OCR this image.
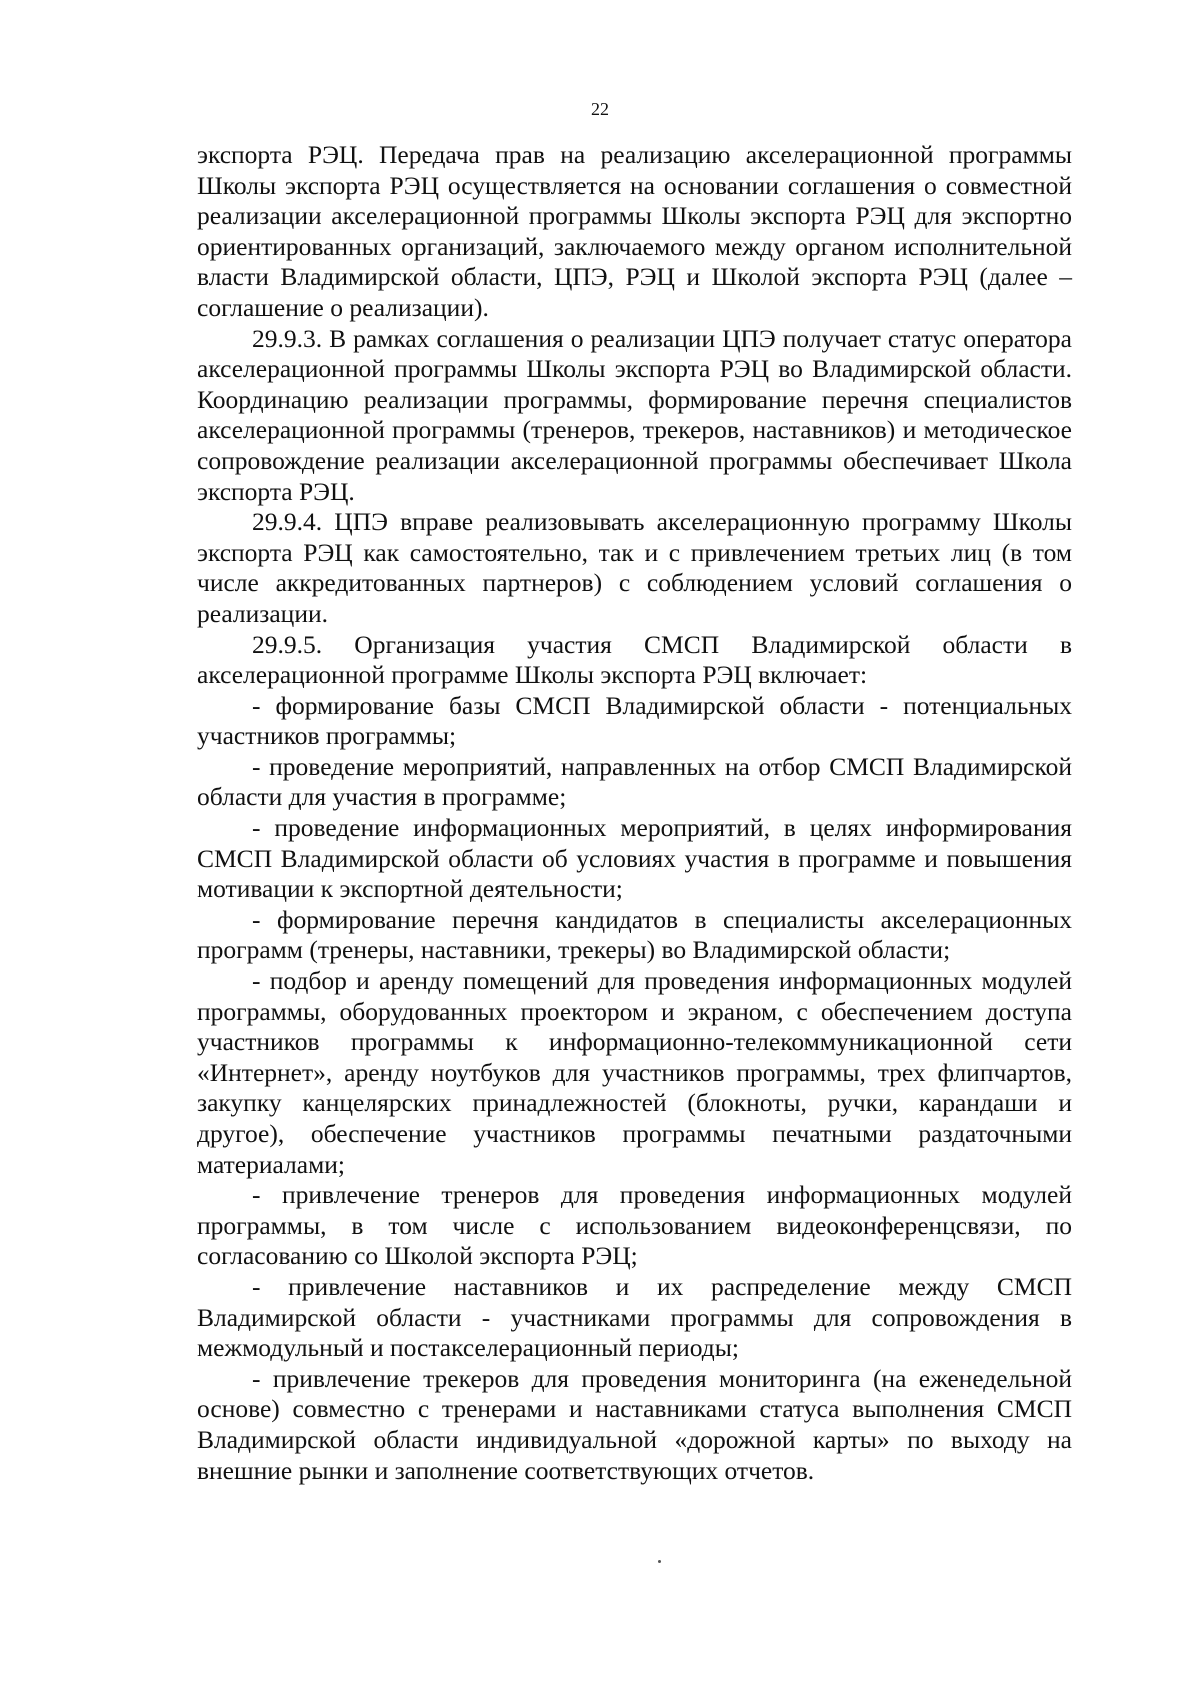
22

экспорта РЭЦ. Передача прав на реализацию акселерационной программы Школы экспорта РЭЦ осуществляется на основании соглашения о совместной реализации акселерационной программы Школы экспорта РЭЦ для экспортно ориентированных организаций, заключаемого между органом исполнительной власти Владимирской области, ЦПЭ, РЭЦ и Школой экспорта РЭЦ (далее – соглашение о реализации).

29.9.3. В рамках соглашения о реализации ЦПЭ получает статус оператора акселерационной программы Школы экспорта РЭЦ во Владимирской области. Координацию реализации программы, формирование перечня специалистов акселерационной программы (тренеров, трекеров, наставников) и методическое сопровождение реализации акселерационной программы обеспечивает Школа экспорта РЭЦ.

29.9.4. ЦПЭ вправе реализовывать акселерационную программу Школы экспорта РЭЦ как самостоятельно, так и с привлечением третьих лиц (в том числе аккредитованных партнеров) с соблюдением условий соглашения о реализации.

29.9.5. Организация участия СМСП Владимирской области в акселерационной программе Школы экспорта РЭЦ включает:

- формирование базы СМСП Владимирской области - потенциальных участников программы;

- проведение мероприятий, направленных на отбор СМСП Владимирской области для участия в программе;

- проведение информационных мероприятий, в целях информирования СМСП Владимирской области об условиях участия в программе и повышения мотивации к экспортной деятельности;

- формирование перечня кандидатов в специалисты акселерационных программ (тренеры, наставники, трекеры) во Владимирской области;

- подбор и аренду помещений для проведения информационных модулей программы, оборудованных проектором и экраном, с обеспечением доступа участников программы к информационно-телекоммуникационной сети «Интернет», аренду ноутбуков для участников программы, трех флипчартов, закупку канцелярских принадлежностей (блокноты, ручки, карандаши и другое), обеспечение участников программы печатными раздаточными материалами;

- привлечение тренеров для проведения информационных модулей программы, в том числе с использованием видеоконференцсвязи, по согласованию со Школой экспорта РЭЦ;

- привлечение наставников и их распределение между СМСП Владимирской области - участниками программы для сопровождения в межмодульный и постакселерационный периоды;

- привлечение трекеров для проведения мониторинга (на еженедельной основе) совместно с тренерами и наставниками статуса выполнения СМСП Владимирской области индивидуальной «дорожной карты» по выходу на внешние рынки и заполнение соответствующих отчетов.
